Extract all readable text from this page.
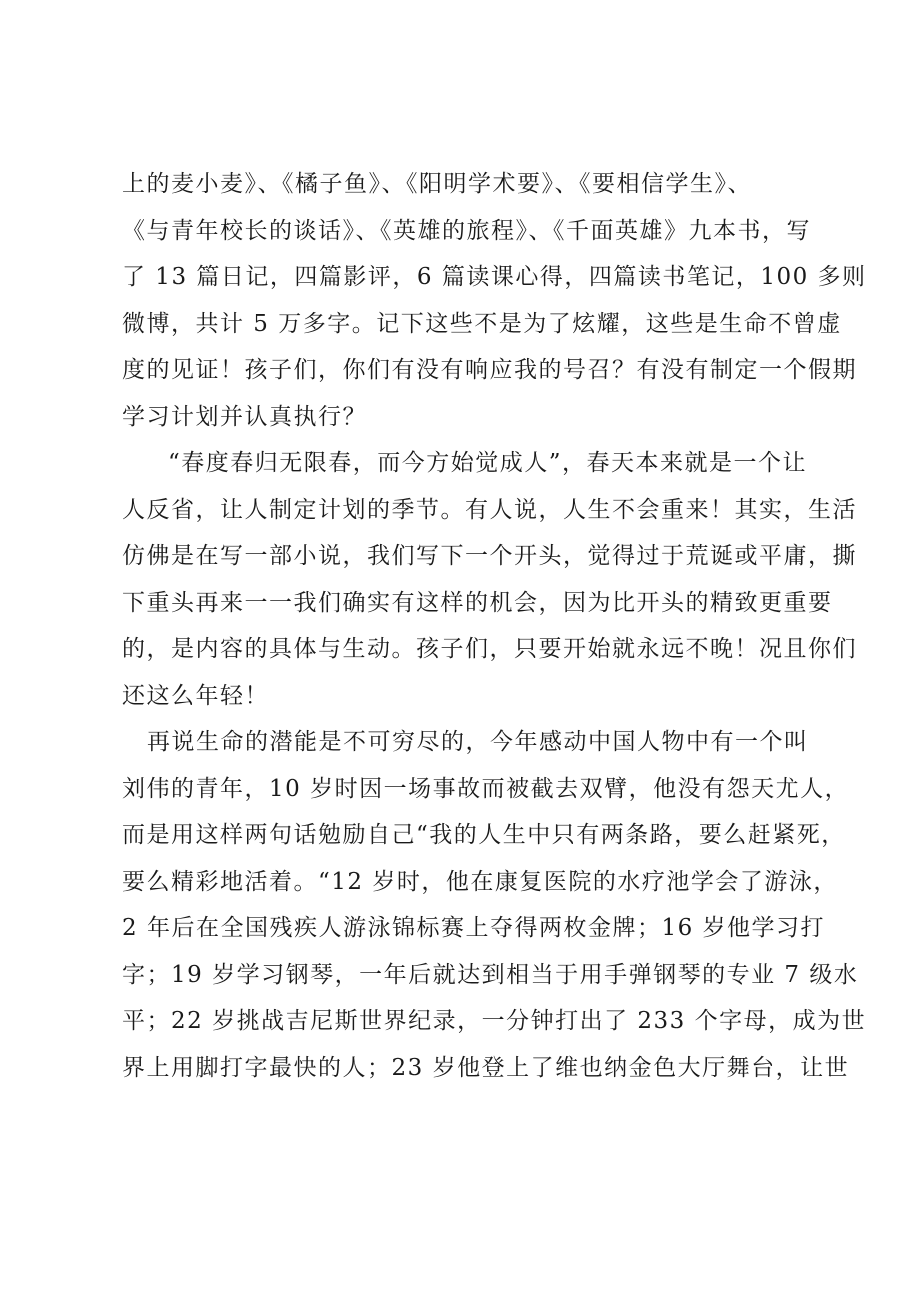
上的麦小麦》、《橘子鱼》、《阳明学术要》、《要相信学生》、
《与青年校长的谈话》、《英雄的旅程》、《千面英雄》九本书，写
了 13 篇日记，四篇影评，6 篇读课心得，四篇读书笔记，100 多则
微博，共计 5 万多字。记下这些不是为了炫耀，这些是生命不曾虚
度的见证！孩子们，你们有没有响应我的号召？有没有制定一个假期
学习计划并认真执行？
“春度春归无限春，而今方始觉成人”，春天本来就是一个让
人反省，让人制定计划的季节。有人说，人生不会重来！其实，生活
仿佛是在写一部小说，我们写下一个开头，觉得过于荒诞或平庸，撕
下重头再来一一我们确实有这样的机会，因为比开头的精致更重要
的，是内容的具体与生动。孩子们，只要开始就永远不晚！况且你们
还这么年轻！
再说生命的潜能是不可穷尽的，今年感动中国人物中有一个叫
刘伟的青年，10 岁时因一场事故而被截去双臂，他没有怨天尤人，
而是用这样两句话勉励自己“我的人生中只有两条路，要么赶紧死，
要么精彩地活着。“12 岁时，他在康复医院的水疗池学会了游泳，
2 年后在全国残疾人游泳锦标赛上夺得两枚金牌；16 岁他学习打
字；19 岁学习钢琴，一年后就达到相当于用手弹钢琴的专业 7 级水
平；22 岁挑战吉尼斯世界纪录，一分钟打出了 233 个字母，成为世
界上用脚打字最快的人；23 岁他登上了维也纳金色大厅舞台，让世
